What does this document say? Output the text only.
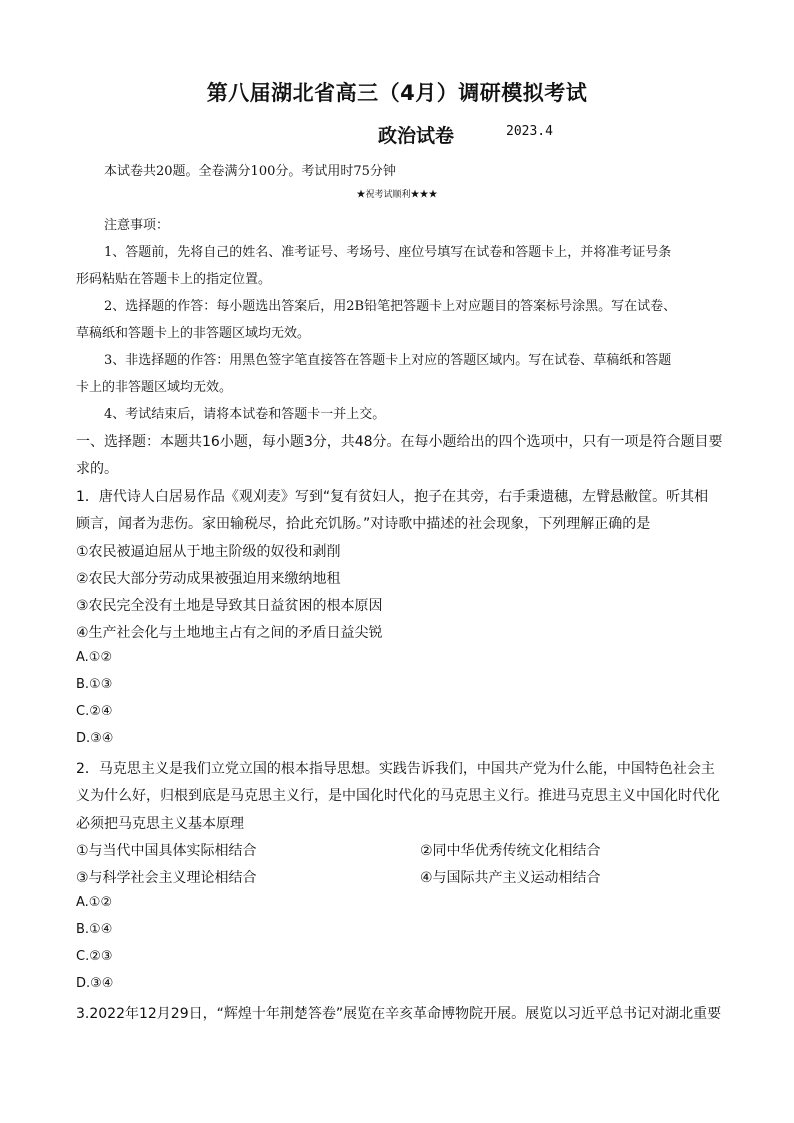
第八届湖北省高三（4月）调研模拟考试
政治试卷	2023.4
本试卷共20题。全卷满分100分。考试用时75分钟
★祝考试顺利★★★
注意事项：
1、答题前，先将自己的姓名、准考证号、考场号、座位号填写在试卷和答题卡上，并将准考证号条
形码粘贴在答题卡上的指定位置。
2、选择题的作答：每小题选出答案后，用2B铅笔把答题卡上对应题目的答案标号涂黑。写在试卷、
草稿纸和答题卡上的非答题区域均无效。
3、非选择题的作答：用黑色签字笔直接答在答题卡上对应的答题区域内。写在试卷、草稿纸和答题
卡上的非答题区域均无效。
4、考试结束后，请将本试卷和答题卡一并上交。
一、选择题：本题共16小题，每小题3分，共48分。在每小题给出的四个选项中，只有一项是符合题目要
求的。
1．唐代诗人白居易作品《观刈麦》写到“复有贫妇人，抱子在其旁，右手秉遗穗，左臂悬敝筐。听其相
顾言，闻者为悲伤。家田输税尽，拾此充饥肠。”对诗歌中描述的社会现象，下列理解正确的是
①农民被逼迫屈从于地主阶级的奴役和剥削
②农民大部分劳动成果被强迫用来缴纳地租
③农民完全没有土地是导致其日益贫困的根本原因
④生产社会化与土地地主占有之间的矛盾日益尖锐
A.①②
B.①③
C.②④
D.③④
2．马克思主义是我们立党立国的根本指导思想。实践告诉我们，中国共产党为什么能，中国特色社会主
义为什么好，归根到底是马克思主义行，是中国化时代化的马克思主义行。推进马克思主义中国化时代化
必须把马克思主义基本原理
①与当代中国具体实际相结合	②同中华优秀传统文化相结合
③与科学社会主义理论相结合	④与国际共产主义运动相结合
A.①②
B.①④
C.②③
D.③④
3.2022年12月29日，“辉煌十年荆楚答卷”展览在辛亥革命博物院开展。展览以习近平总书记对湖北重要
